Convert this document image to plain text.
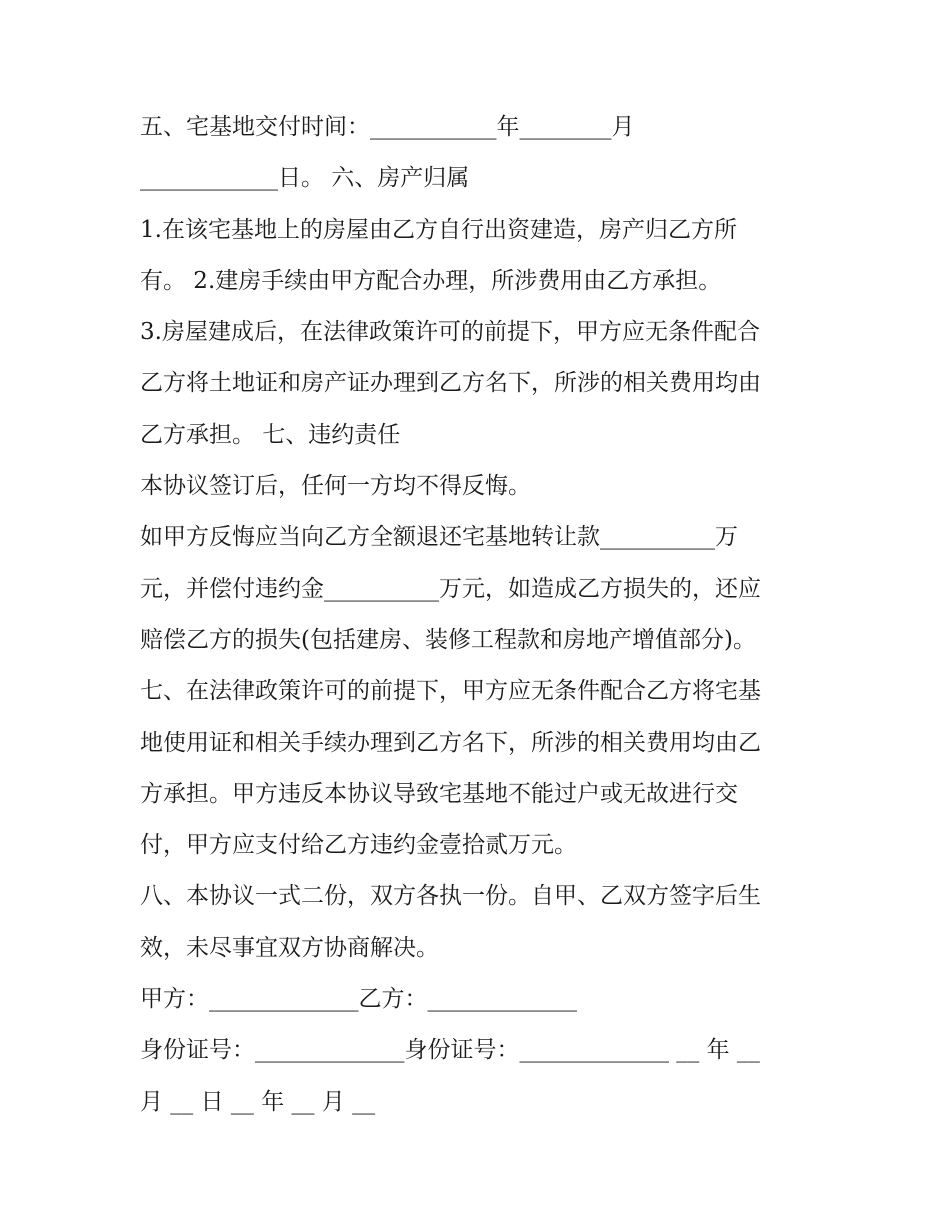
五、宅基地交付时间：___________年________月
____________日。 六、房产归属
1.在该宅基地上的房屋由乙方自行出资建造，房产归乙方所
有。 2.建房手续由甲方配合办理，所涉费用由乙方承担。
3.房屋建成后，在法律政策许可的前提下，甲方应无条件配合
乙方将土地证和房产证办理到乙方名下，所涉的相关费用均由
乙方承担。 七、违约责任
本协议签订后，任何一方均不得反悔。
如甲方反悔应当向乙方全额退还宅基地转让款__________万
元，并偿付违约金__________万元，如造成乙方损失的，还应
赔偿乙方的损失(包括建房、装修工程款和房地产增值部分)。
七、在法律政策许可的前提下，甲方应无条件配合乙方将宅基
地使用证和相关手续办理到乙方名下，所涉的相关费用均由乙
方承担。甲方违反本协议导致宅基地不能过户或无故进行交
付，甲方应支付给乙方违约金壹拾贰万元。
八、本协议一式二份，双方各执一份。自甲、乙双方签字后生
效，未尽事宜双方协商解决。
甲方：_____________乙方：_____________
身份证号：_____________身份证号：_____________ __ 年 __
月 __ 日 __ 年 __ 月 __
